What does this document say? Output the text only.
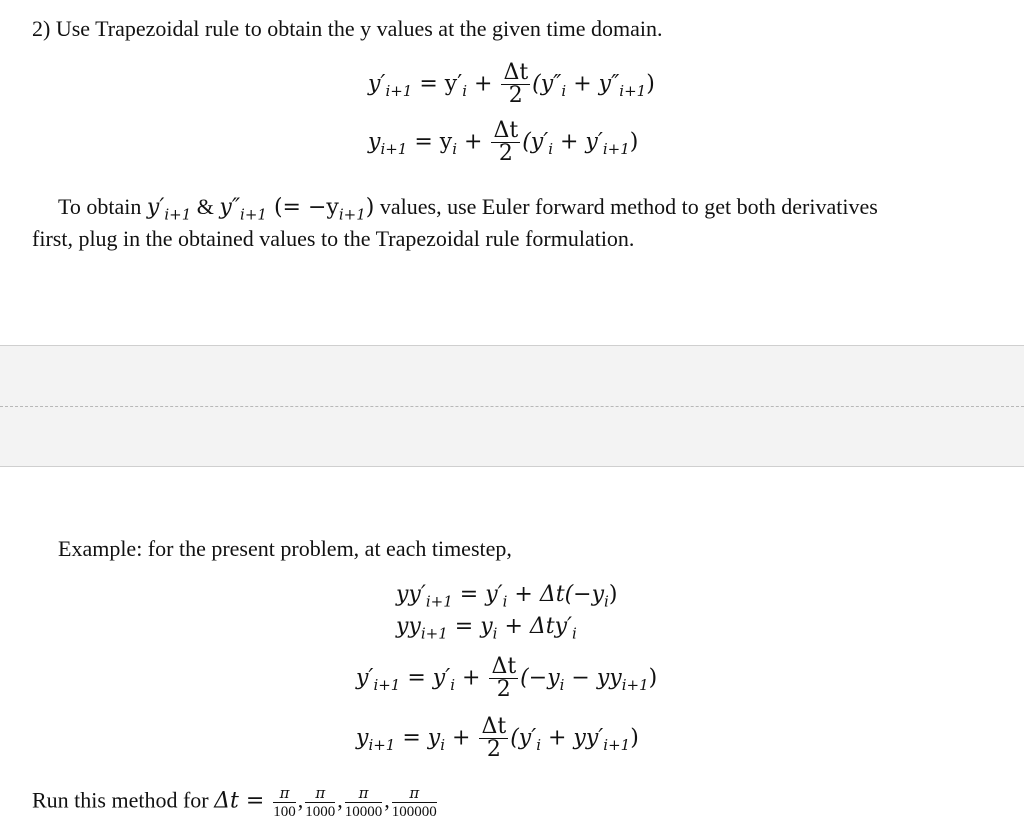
2) Use Trapezoidal rule to obtain the y values at the given time domain.
$y'_{i+1} = y'_i + \frac{\Delta t}{2} (y''_i + y''_{i+1})$
$y_{i+1} = y_i + \frac{\Delta t}{2} (y'_i + y'_{i+1})$
To obtain $y'_{i+1}$ & $y''_{i+1}$ (= $-y_{i+1}$) values, use Euler forward method to get both derivatives
first, plug in the obtained values to the Trapezoidal rule formulation.
Example: for the present problem, at each timestep,
$yy'_{i+1} = y'_i + \Delta t(-y_i)$
$yy_{i+1} = y_i + \Delta ty'_i$
$y'_{i+1} = y'_i + \frac{\Delta t}{2} (-y_i - yy_{i+1})$
$y_{i+1} = y_i + \frac{\Delta t}{2} (y'_i + yy'_{i+1})$
Run this method for $\Delta t = \frac{\pi}{100}$ , $\frac{\pi}{1000}$ , $\frac{\pi}{10000}$ , $\frac{\pi}{100000}$
